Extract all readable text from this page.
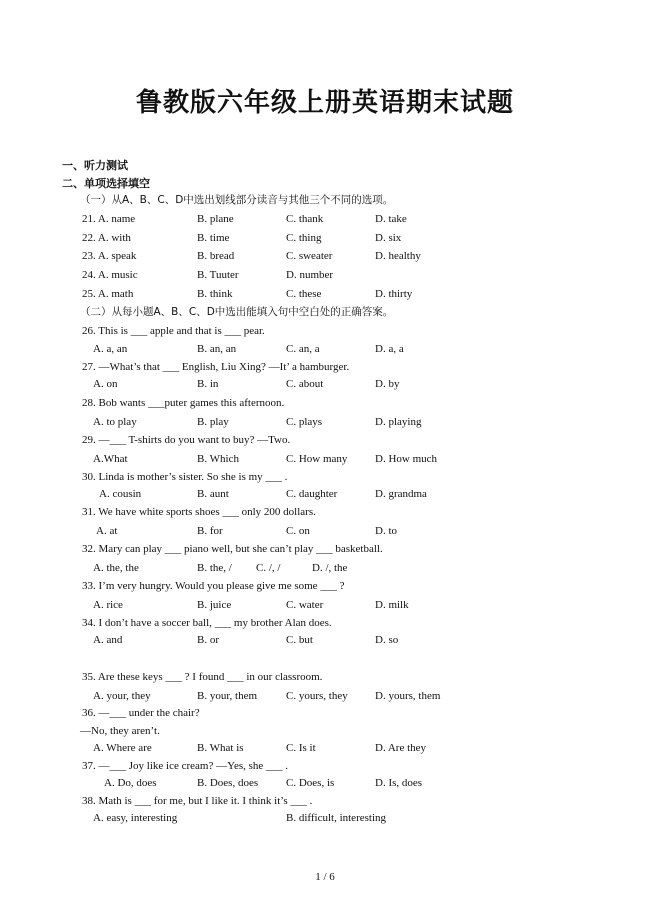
鲁教版六年级上册英语期末试题
一、听力测试
二、单项选择填空
（一）从A、B、C、D中选出划线部分读音与其他三个不同的选项。
21. A. name	B. plane	C. thank	D. take
22. A. with	B. time	C. thing	D. six
23. A. speak	B. bread	C. sweater	D. healthy
24. A. music	B. Tuuter	D. number
25. A. math	B. think	C. these	D. thirty
（二）从每小题A、B、C、D中选出能填入句中空白处的正确答案。
26. This is ___ apple and that is ___ pear.
A. a, an	B. an, an	C. an, a	D. a, a
27. —What’s that ___ English, Liu Xing? —It’ a hamburger.
A. on	B. in	C. about	D. by
28. Bob wants ___puter games this afternoon.
A. to play	B. play	C. plays	D. playing
29. —___ T-shirts do you want to buy? —Two.
A.What	B. Which	C. How many	D. How much
30. Linda is mother’s sister. So she is my ___ .
A. cousin	B. aunt	C. daughter	D. grandma
31. We have white sports shoes ___ only 200 dollars.
A. at	B. for	C. on	D. to
32. Mary can play ___ piano well, but she can’t play ___ basketball.
A. the, the	B. the, / C. /, /	D. /, the
33. I’m very hungry. Would you please give me some ___ ?
A. rice	B. juice	C. water	D. milk
34. I don’t have a soccer ball, ___ my brother Alan does.
A. and	B. or	C. but	D. so
35. Are these keys ___ ? I found ___ in our classroom.
A. your, they	B. your, them	C. yours, they D. yours, them
36. —___ under the chair?
—No, they aren’t.
A. Where are	B. What is	C. Is it	D. Are they
37. —___ Joy like ice cream? —Yes, she ___ .
A. Do, does	B. Does, does	C. Does, is	D. Is, does
38. Math is ___ for me, but I like it. I think it’s ___ .
A. easy, interesting	B. difficult, interesting
1 / 6
